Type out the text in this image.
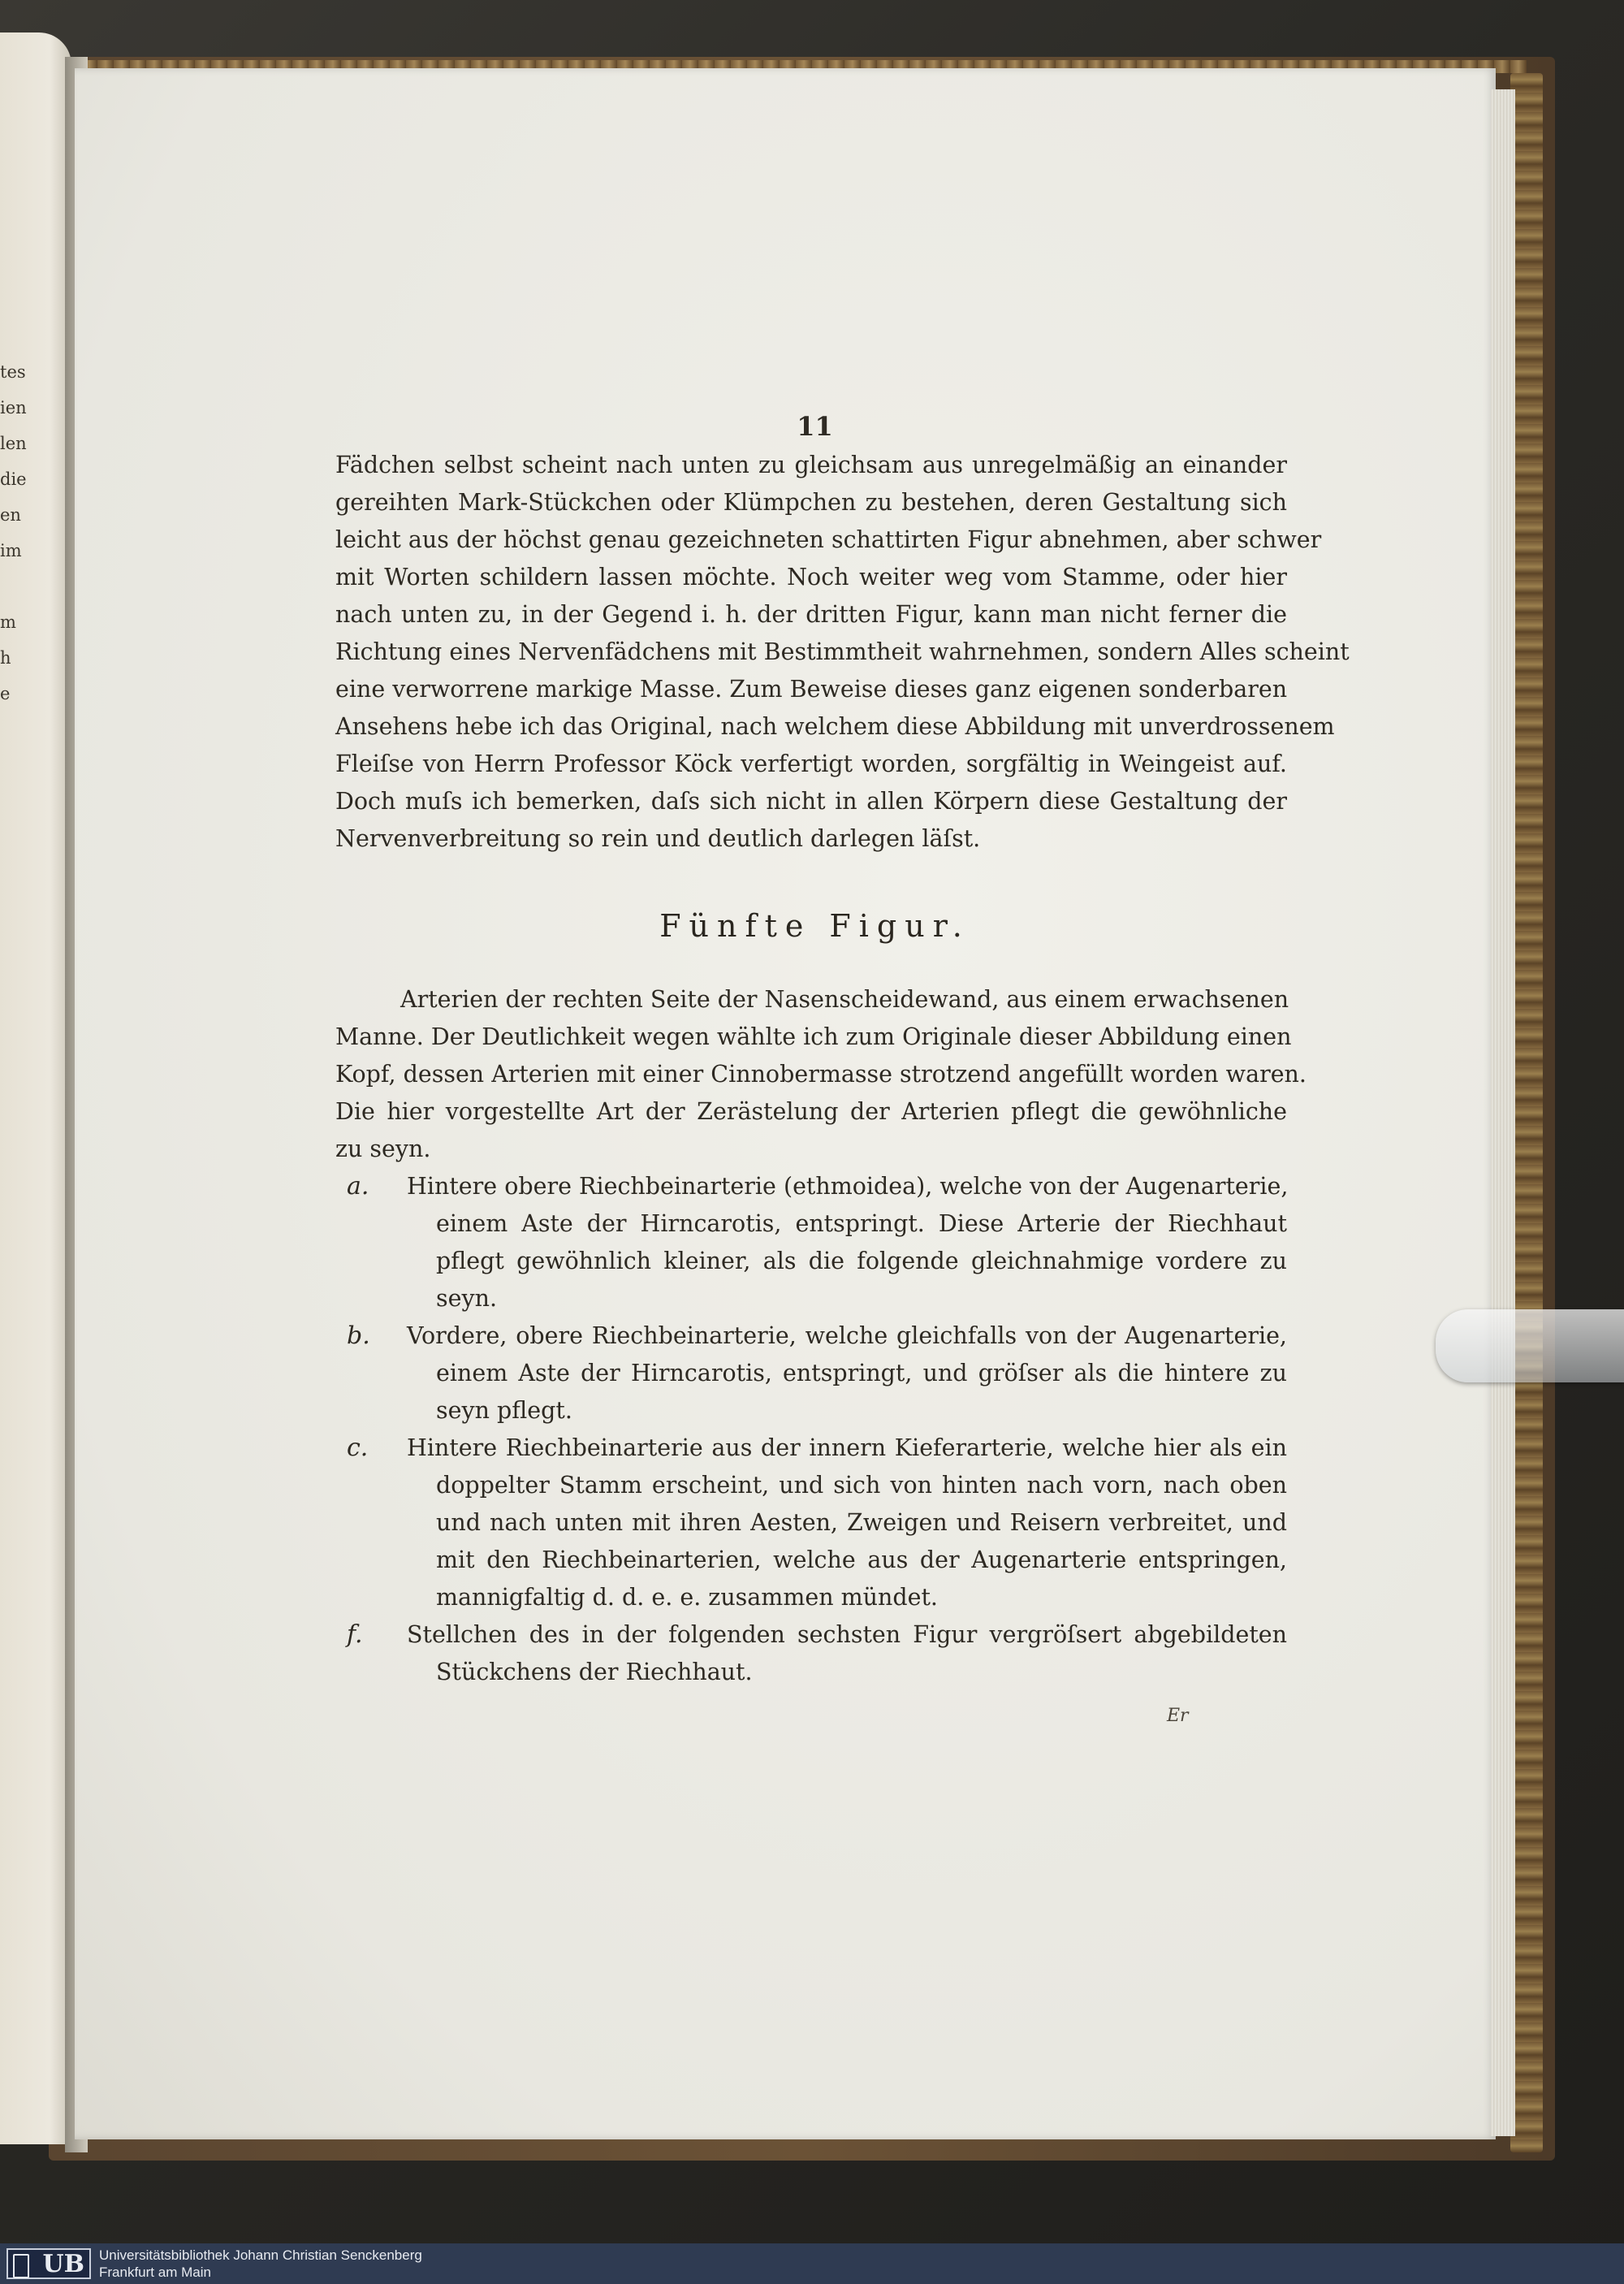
tes
ien
len
die
en
im
m
h
e
11
Fädchen selbst scheint nach unten zu gleichsam aus unregelmäßig an einander
gereihten Mark-Stückchen oder Klümpchen zu bestehen, deren Gestaltung sich
leicht aus der höchst genau gezeichneten schattirten Figur abnehmen, aber schwer
mit Worten schildern lassen möchte. Noch weiter weg vom Stamme, oder hier
nach unten zu, in der Gegend i. h. der dritten Figur, kann man nicht ferner die
Richtung eines Nervenfädchens mit Bestimmtheit wahrnehmen, sondern Alles scheint
eine verworrene markige Masse. Zum Beweise dieses ganz eigenen sonderbaren
Ansehens hebe ich das Original, nach welchem diese Abbildung mit unverdrossenem
Fleiſse von Herrn Professor Köck verfertigt worden, sorgfältig in Weingeist auf.
Doch muſs ich bemerken, daſs sich nicht in allen Körpern diese Gestaltung der
Nervenverbreitung so rein und deutlich darlegen läſst.
Fünfte Figur.
Arterien der rechten Seite der Nasenscheidewand, aus einem erwachsenen
Manne. Der Deutlichkeit wegen wählte ich zum Originale dieser Abbildung einen
Kopf, dessen Arterien mit einer Cinnobermasse strotzend angefüllt worden waren.
Die hier vorgestellte Art der Zerästelung der Arterien pflegt die gewöhnliche
zu seyn.
a.	Hintere obere Riechbeinarterie (ethmoidea), welche von der Augenarterie,
einem Aste der Hirncarotis, entspringt. Diese Arterie der Riechhaut
pflegt gewöhnlich kleiner, als die folgende gleichnahmige vordere zu
seyn.
b.	Vordere, obere Riechbeinarterie, welche gleichfalls von der Augenarterie,
einem Aste der Hirncarotis, entspringt, und gröſser als die hintere zu
seyn pflegt.
c.	Hintere Riechbeinarterie aus der innern Kieferarterie, welche hier als ein
doppelter Stamm erscheint, und sich von hinten nach vorn, nach oben
und nach unten mit ihren Aesten, Zweigen und Reisern verbreitet, und
mit den Riechbeinarterien, welche aus der Augenarterie entspringen,
mannigfaltig d. d. e. e. zusammen mündet.
f.	Stellchen des in der folgenden sechsten Figur vergröſsert abgebildeten
Stückchens der Riechhaut.
Er
UB Universitätsbibliothek Johann Christian Senckenberg
Frankfurt am Main
